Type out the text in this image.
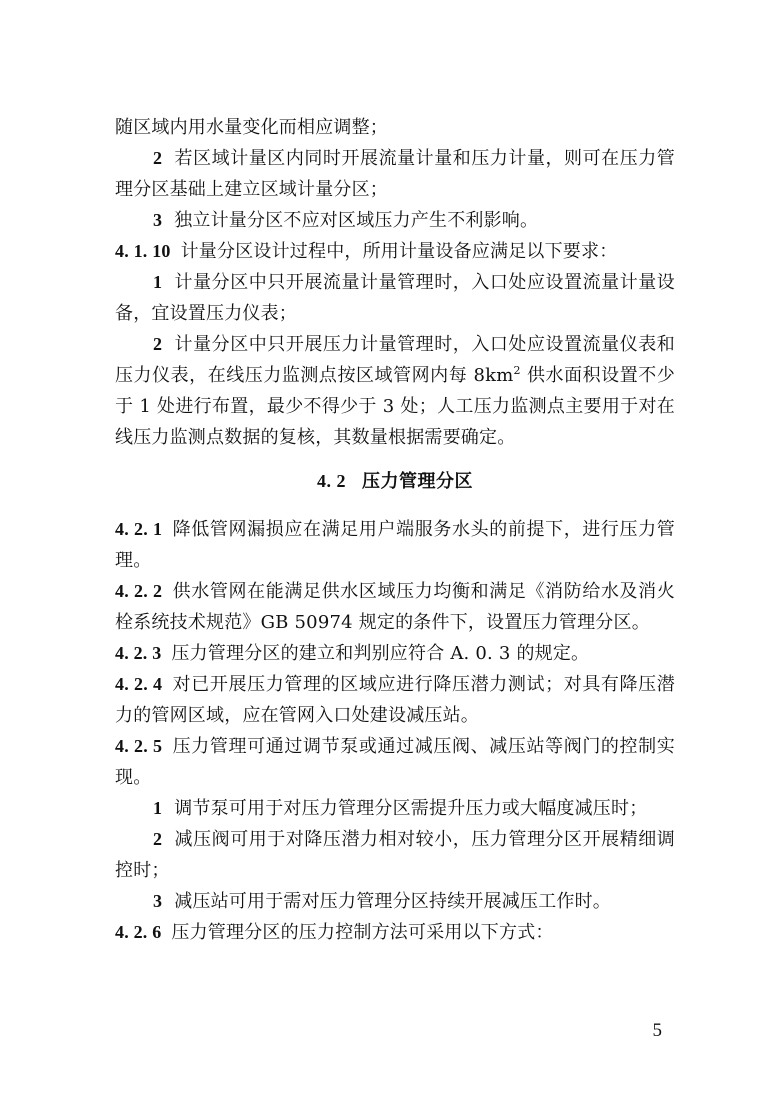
随区域内用水量变化而相应调整；

2 若区域计量区内同时开展流量计量和压力计量，则可在压力管理分区基础上建立区域计量分区；

3 独立计量分区不应对区域压力产生不利影响。

4. 1. 10 计量分区设计过程中，所用计量设备应满足以下要求：

1 计量分区中只开展流量计量管理时，入口处应设置流量计量设备，宜设置压力仪表；

2 计量分区中只开展压力计量管理时，入口处应设置流量仪表和压力仪表，在线压力监测点按区域管网内每 $8km^2$ 供水面积设置不少于 1 处进行布置，最少不得少于 3 处；人工压力监测点主要用于对在线压力监测点数据的复核，其数量根据需要确定。

4. 2 压力管理分区

4. 2. 1 降低管网漏损应在满足用户端服务水头的前提下，进行压力管理。

4. 2. 2 供水管网在能满足供水区域压力均衡和满足《消防给水及消火栓系统技术规范》GB 50974 规定的条件下，设置压力管理分区。

4. 2. 3 压力管理分区的建立和判别应符合 A. 0. 3 的规定。

4. 2. 4 对已开展压力管理的区域应进行降压潜力测试；对具有降压潜力的管网区域，应在管网入口处建设减压站。

4. 2. 5 压力管理可通过调节泵或通过减压阀、减压站等阀门的控制实现。

1 调节泵可用于对压力管理分区需提升压力或大幅度减压时；

2 减压阀可用于对降压潜力相对较小，压力管理分区开展精细调控时；

3 减压站可用于需对压力管理分区持续开展减压工作时。

4. 2. 6 压力管理分区的压力控制方法可采用以下方式：

5
